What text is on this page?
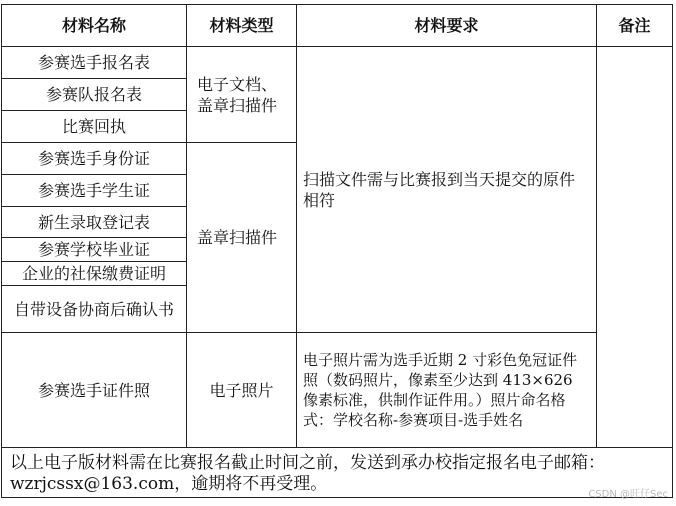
材料名称	材料类型	材料要求	备注
参赛选手报名表	电子文档、盖章扫描件	扫描文件需与比赛报到当天提交的原件相符	
参赛队报名表			
比赛回执			
参赛选手身份证	盖章扫描件		
参赛选手学生证			
新生录取登记表			
参赛学校毕业证			
企业的社保缴费证明			
自带设备协商后确认书			
参赛选手证件照	电子照片	电子照片需为选手近期 2 寸彩色免冠证件照（数码照片，像素至少达到 413×626 像素标准，供制作证件用。）照片命名格式：学校名称-参赛项目-选手姓名	
以上电子版材料需在比赛报名截止时间之前，发送到承办校指定报名电子邮箱：wzrjcssx@163.com，逾期将不再受理。			
CSDN @旺仔Sec
